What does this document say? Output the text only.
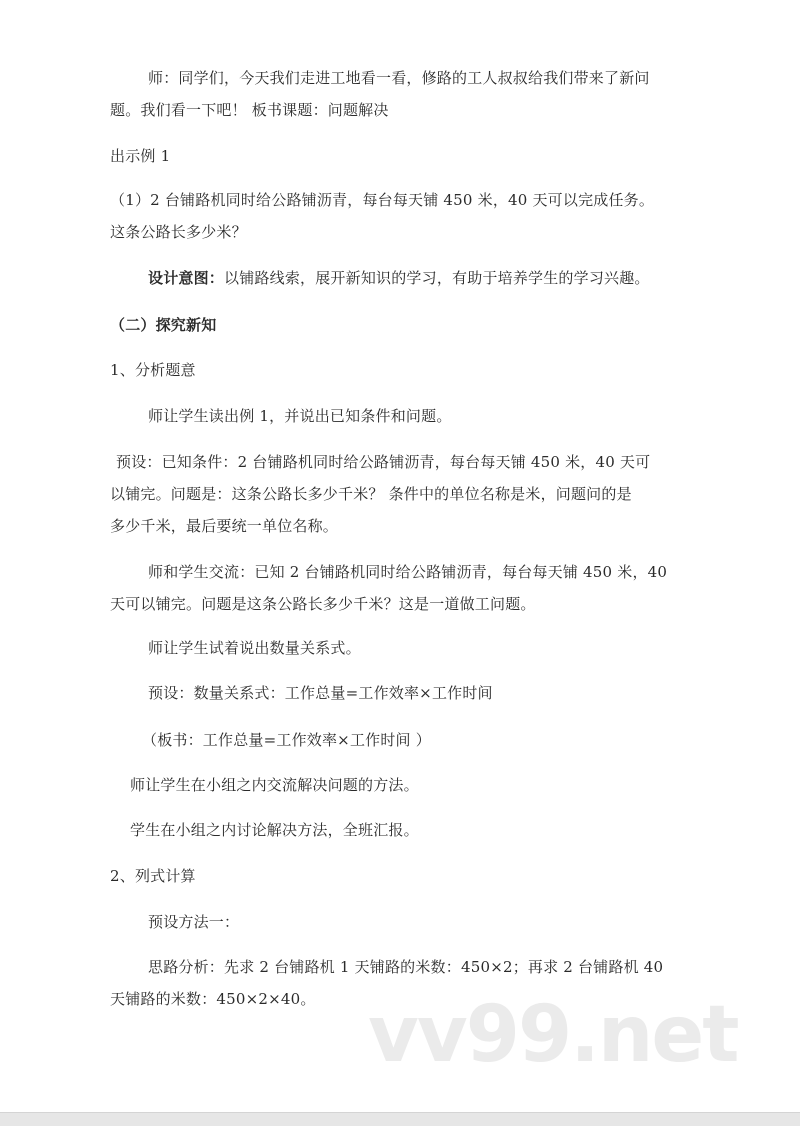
师：同学们，今天我们走进工地看一看，修路的工人叔叔给我们带来了新问
题。我们看一下吧！ 板书课题：问题解决
出示例 1
（1）2 台铺路机同时给公路铺沥青，每台每天铺 450 米，40 天可以完成任务。
这条公路长多少米？
设计意图：以铺路线索，展开新知识的学习，有助于培养学生的学习兴趣。
（二）探究新知
1、分析题意
师让学生读出例 1，并说出已知条件和问题。
预设：已知条件：2 台铺路机同时给公路铺沥青，每台每天铺 450 米，40 天可
以铺完。问题是：这条公路长多少千米？ 条件中的单位名称是米，问题问的是
多少千米，最后要统一单位名称。
师和学生交流：已知 2 台铺路机同时给公路铺沥青，每台每天铺 450 米，40
天可以铺完。问题是这条公路长多少千米？这是一道做工问题。
师让学生试着说出数量关系式。
预设：数量关系式：工作总量=工作效率×工作时间
（板书：工作总量=工作效率×工作时间 ）
师让学生在小组之内交流解决问题的方法。
学生在小组之内讨论解决方法，全班汇报。
2、列式计算
预设方法一：
思路分析：先求 2 台铺路机 1 天铺路的米数：450×2；再求 2 台铺路机 40
天铺路的米数：450×2×40。 vv99.net
